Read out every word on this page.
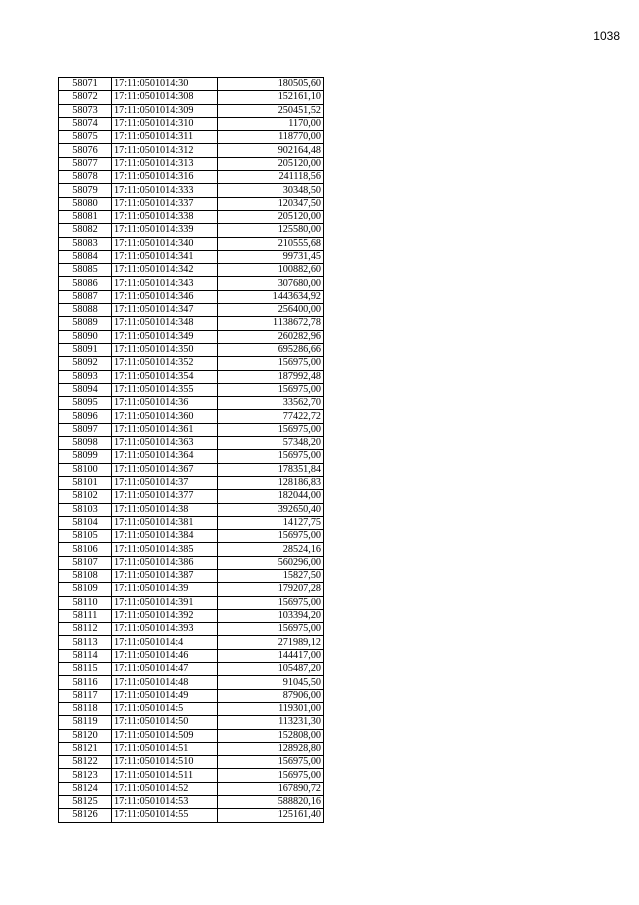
1038
58071	17:11:0501014:30	180505,60
58072	17:11:0501014:308	152161,10
58073	17:11:0501014:309	250451,52
58074	17:11:0501014:310	1170,00
58075	17:11:0501014:311	118770,00
58076	17:11:0501014:312	902164,48
58077	17:11:0501014:313	205120,00
58078	17:11:0501014:316	241118,56
58079	17:11:0501014:333	30348,50
58080	17:11:0501014:337	120347,50
58081	17:11:0501014:338	205120,00
58082	17:11:0501014:339	125580,00
58083	17:11:0501014:340	210555,68
58084	17:11:0501014:341	99731,45
58085	17:11:0501014:342	100882,60
58086	17:11:0501014:343	307680,00
58087	17:11:0501014:346	1443634,92
58088	17:11:0501014:347	256400,00
58089	17:11:0501014:348	1138672,78
58090	17:11:0501014:349	260282,96
58091	17:11:0501014:350	695286,66
58092	17:11:0501014:352	156975,00
58093	17:11:0501014:354	187992,48
58094	17:11:0501014:355	156975,00
58095	17:11:0501014:36	33562,70
58096	17:11:0501014:360	77422,72
58097	17:11:0501014:361	156975,00
58098	17:11:0501014:363	57348,20
58099	17:11:0501014:364	156975,00
58100	17:11:0501014:367	178351,84
58101	17:11:0501014:37	128186,83
58102	17:11:0501014:377	182044,00
58103	17:11:0501014:38	392650,40
58104	17:11:0501014:381	14127,75
58105	17:11:0501014:384	156975,00
58106	17:11:0501014:385	28524,16
58107	17:11:0501014:386	560296,00
58108	17:11:0501014:387	15827,50
58109	17:11:0501014:39	179207,28
58110	17:11:0501014:391	156975,00
58111	17:11:0501014:392	103394,20
58112	17:11:0501014:393	156975,00
58113	17:11:0501014:4	271989,12
58114	17:11:0501014:46	144417,00
58115	17:11:0501014:47	105487,20
58116	17:11:0501014:48	91045,50
58117	17:11:0501014:49	87906,00
58118	17:11:0501014:5	119301,00
58119	17:11:0501014:50	113231,30
58120	17:11:0501014:509	152808,00
58121	17:11:0501014:51	128928,80
58122	17:11:0501014:510	156975,00
58123	17:11:0501014:511	156975,00
58124	17:11:0501014:52	167890,72
58125	17:11:0501014:53	588820,16
58126	17:11:0501014:55	125161,40
